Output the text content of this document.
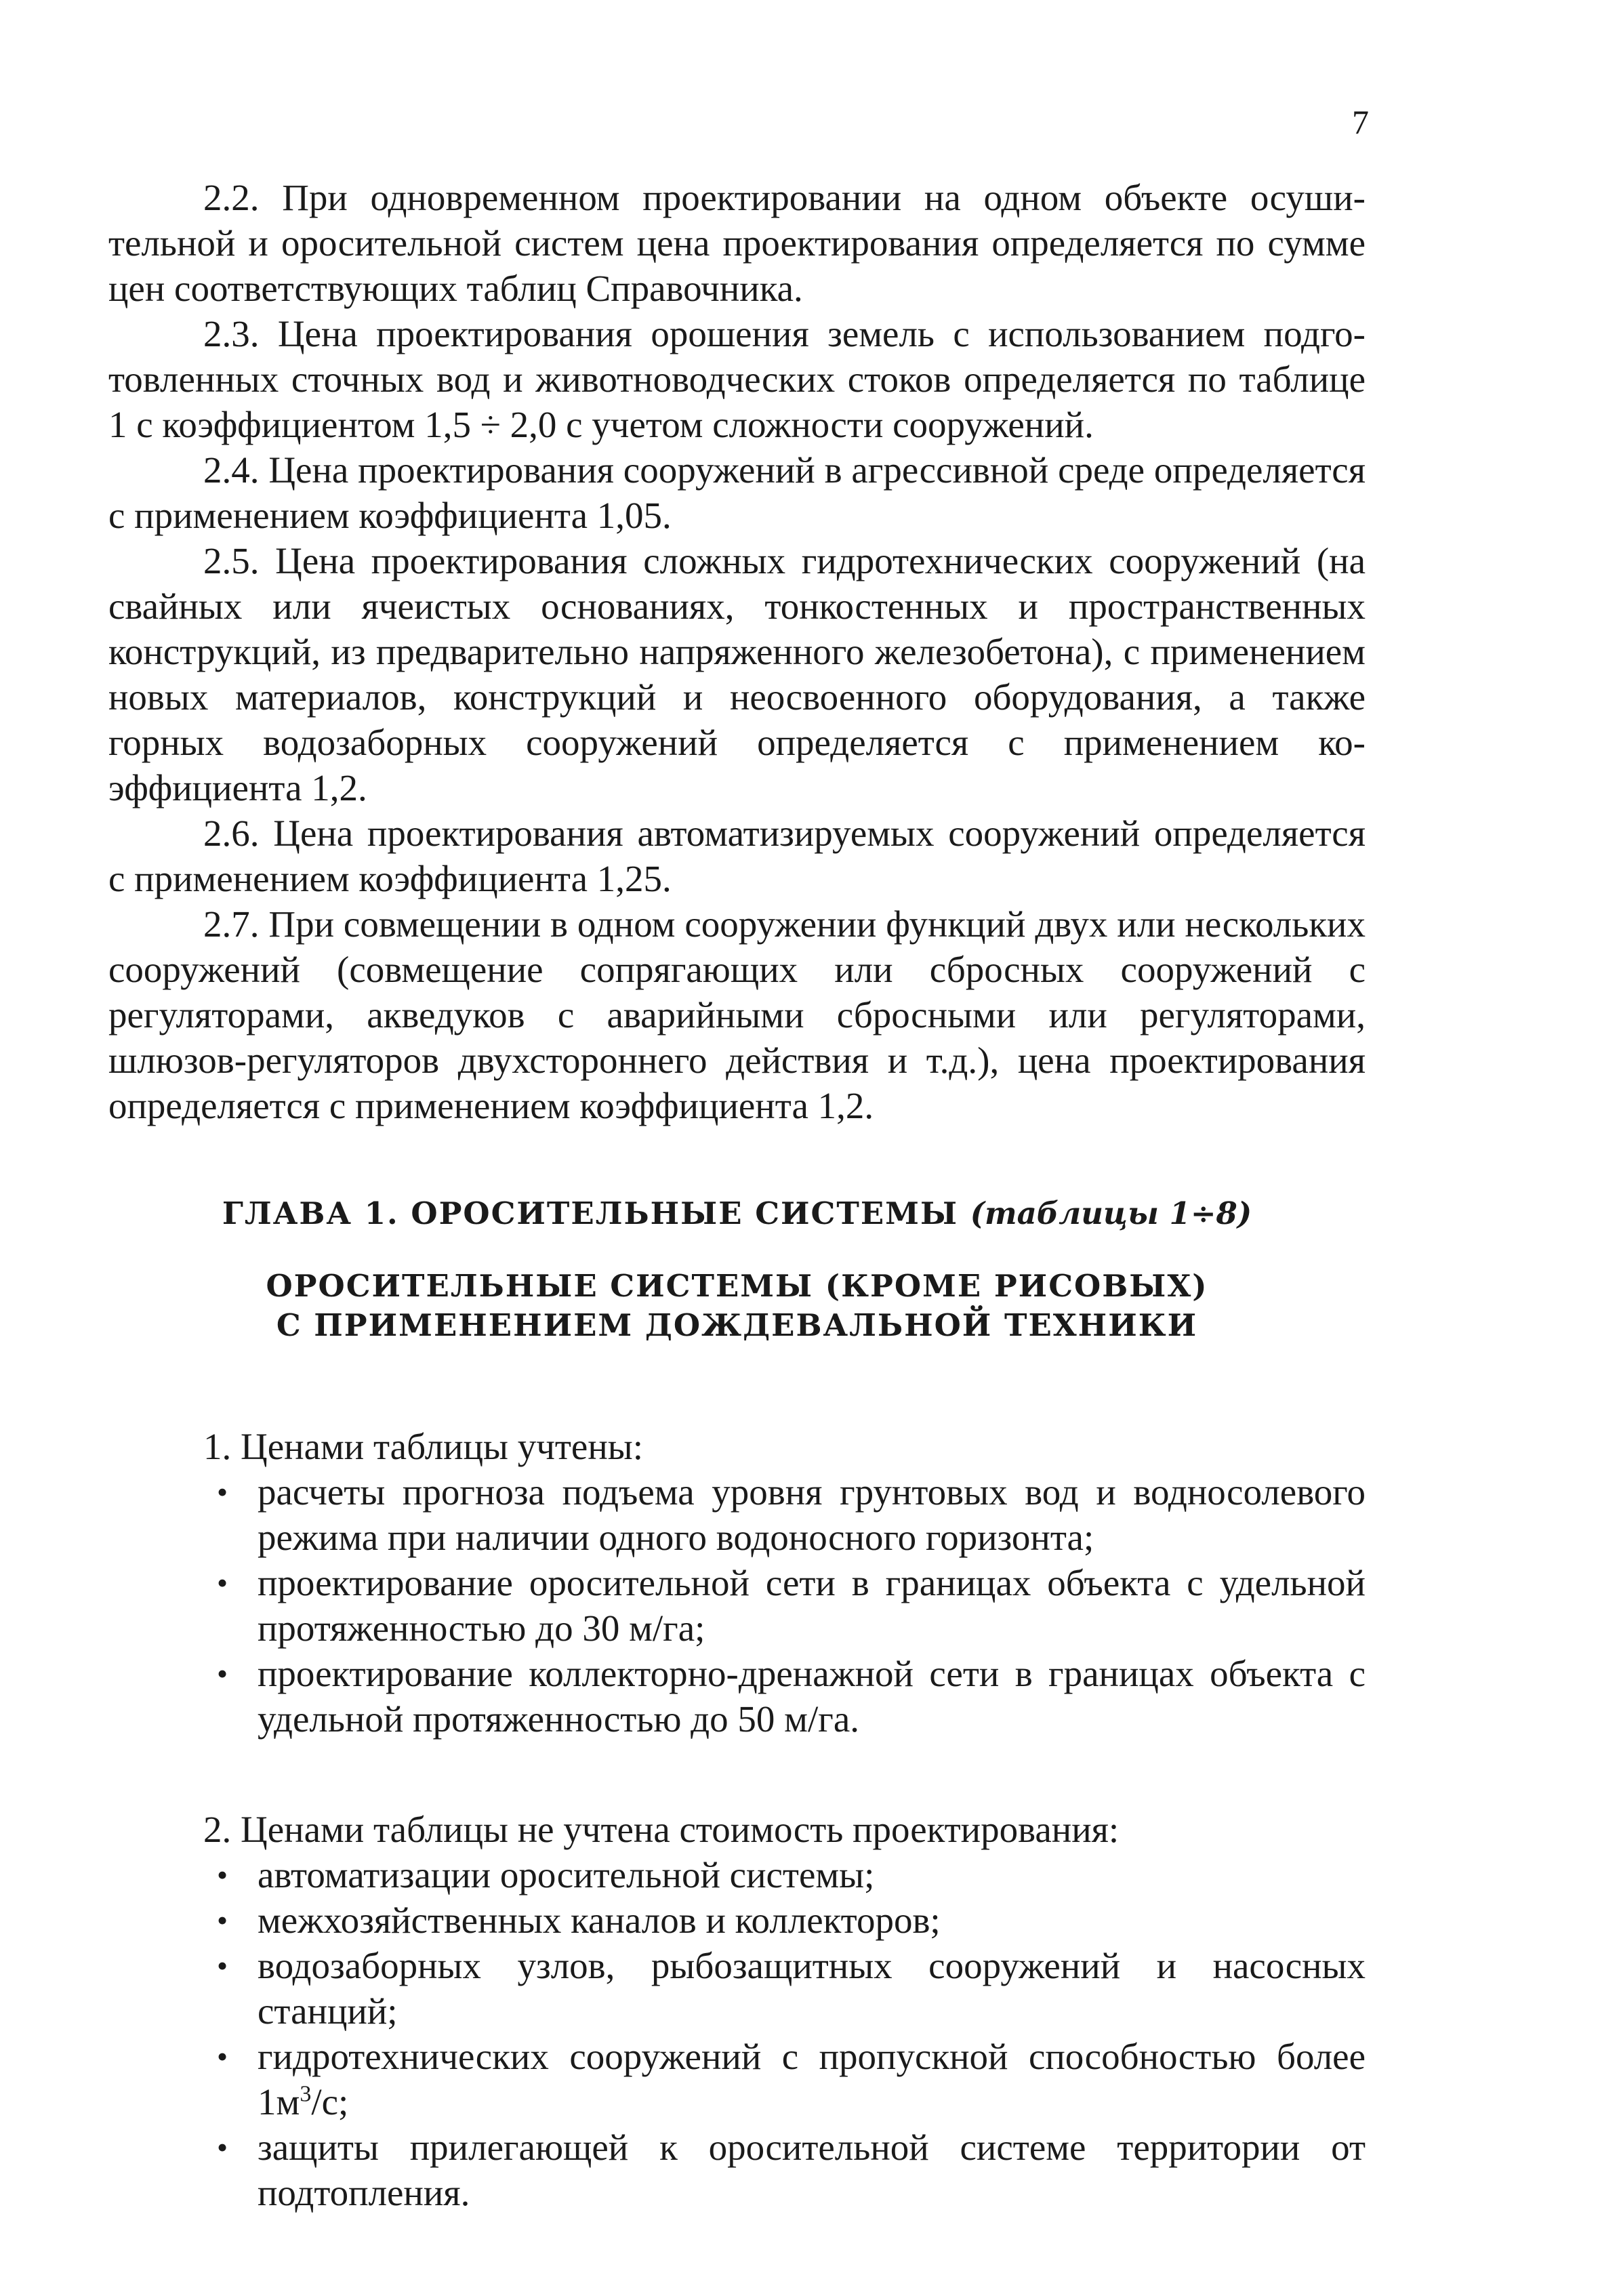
7

2.2. При одновременном проектировании на одном объекте осушительной и оросительной систем цена проектирования определяется по сумме цен соответствующих таблиц Справочника.

2.3. Цена проектирования орошения земель с использованием подготовленных сточных вод и животноводческих стоков определяется по таблице 1 с коэффициентом 1,5 ÷ 2,0 с учетом сложности сооружений.

2.4. Цена проектирования сооружений в агрессивной среде определяется с применением коэффициента 1,05.

2.5. Цена проектирования сложных гидротехнических сооружений (на свайных или ячеистых основаниях, тонкостенных и пространственных конструкций, из предварительно напряженного железобетона), с применением новых материалов, конструкций и неосвоенного оборудования, а также горных водозаборных сооружений определяется с применением коэффициента 1,2.

2.6. Цена проектирования автоматизируемых сооружений определяется с применением коэффициента 1,25.

2.7. При совмещении в одном сооружении функций двух или нескольких сооружений (совмещение сопрягающих или сбросных сооружений с регуляторами, акведуков с аварийными сбросными или регуляторами, шлюзов-регуляторов двухстороннего действия и т.д.), цена проектирования определяется с применением коэффициента 1,2.

ГЛАВА 1. ОРОСИТЕЛЬНЫЕ СИСТЕМЫ (таблицы 1÷8)
ОРОСИТЕЛЬНЫЕ СИСТЕМЫ (КРОМЕ РИСОВЫХ)
С ПРИМЕНЕНИЕМ ДОЖДЕВАЛЬНОЙ ТЕХНИКИ
1. Ценами таблицы учтены:
• расчеты прогноза подъема уровня грунтовых вод и водносолевого режима при наличии одного водоносного горизонта;
• проектирование оросительной сети в границах объекта с удельной протяженностью до 30 м/га;
• проектирование коллекторно-дренажной сети в границах объекта с удельной протяженностью до 50 м/га.
2. Ценами таблицы не учтена стоимость проектирования:
• автоматизации оросительной системы;
• межхозяйственных каналов и коллекторов;
• водозаборных узлов, рыбозащитных сооружений и насосных станций;
• гидротехнических сооружений с пропускной способностью более $1м^3/с$;
• защиты прилегающей к оросительной системе территории от подтопления.
